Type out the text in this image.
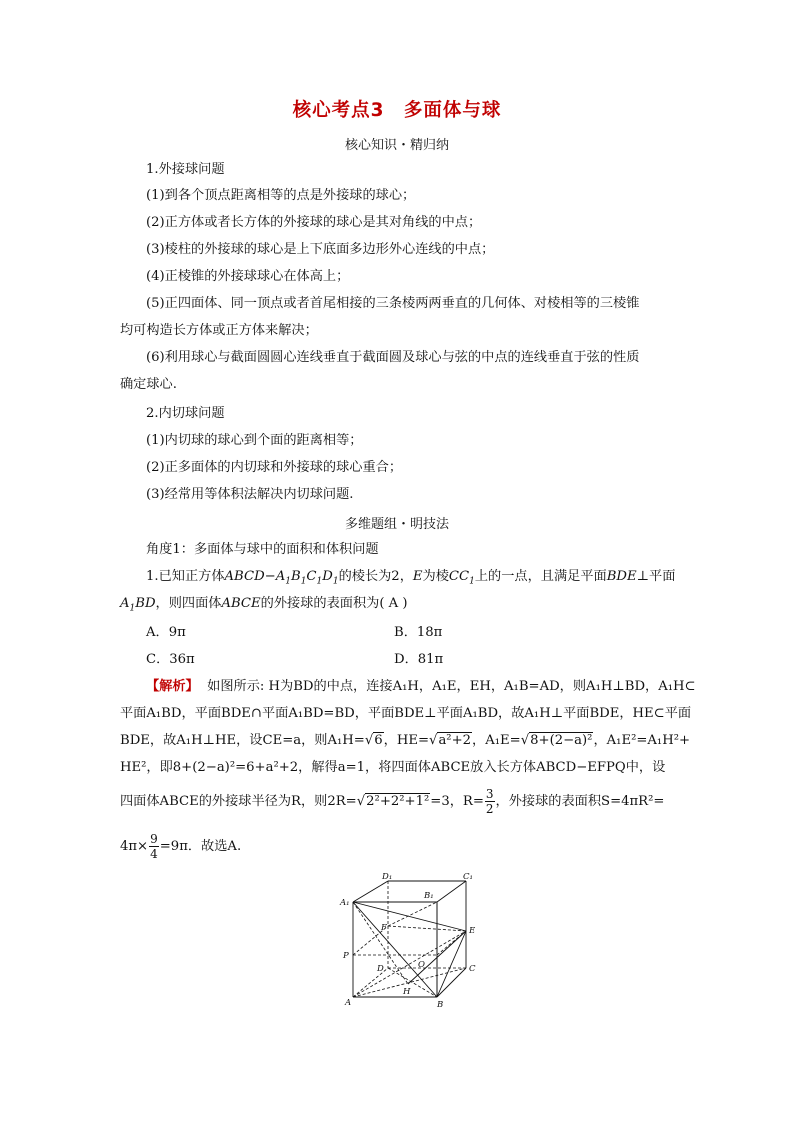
核心考点3　多面体与球
核心知识・精归纳
1.外接球问题
(1)到各个顶点距离相等的点是外接球的球心；
(2)正方体或者长方体的外接球的球心是其对角线的中点；
(3)棱柱的外接球的球心是上下底面多边形外心连线的中点；
(4)正棱锥的外接球球心在体高上；
(5)正四面体、同一顶点或者首尾相接的三条棱两两垂直的几何体、对棱相等的三棱锥
均可构造长方体或正方体来解决；
(6)利用球心与截面圆圆心连线垂直于截面圆及球心与弦的中点的连线垂直于弦的性质
确定球心.
2.内切球问题
(1)内切球的球心到个面的距离相等；
(2)正多面体的内切球和外接球的球心重合；
(3)经常用等体积法解决内切球问题.
多维题组・明技法
角度1：多面体与球中的面积和体积问题
1.已知正方体$ABCD-A_1B_1C_1D_1$的棱长为2，E为棱$CC_1$上的一点，且满足平面BDE⊥平面
$A_1BD$，则四面体ABCE的外接球的表面积为( A )
A．9π	B．18π
C．36π	D．81π
【解析】 如图所示: H为BD的中点，连接A₁H，A₁E，EH，A₁B=AD，则A₁H⊥BD，A₁H⊂
平面A₁BD，平面BDE∩平面A₁BD=BD，平面BDE⊥平面A₁BD，故A₁H⊥平面BDE，HE⊂平面
BDE，故A₁H⊥HE，设CE=a，则A₁H=√6，HE=√a²+2，A₁E=√8+(2−a)²，A₁E²=A₁H²+
HE²，即8+(2−a)²=6+a²+2，解得a=1，将四面体ABCE放入长方体ABCD−EFPQ中，设
四面体ABCE的外接球半径为R，则2R=√2²+2²+1²=3，$R= \frac{3}{2}$ ，外接球的表面积S=4πR²=
$4\pi\times \frac{9}{4} =9\pi$．故选A.
D₁	C₁
A₁
B₁
F	E
P
D	O	C
A
H
B
